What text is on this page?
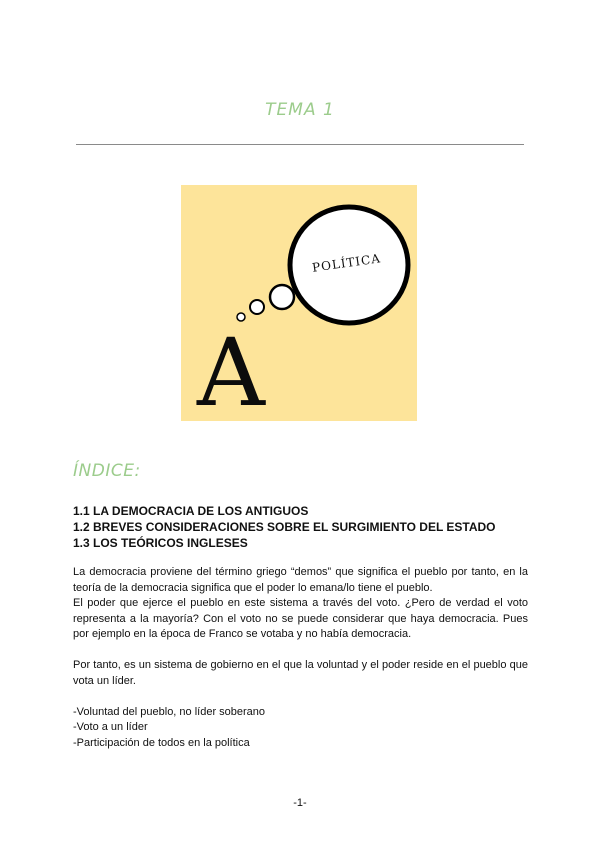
TEMA 1
POLÍTICA
A
ÍNDICE:
1.1 LA DEMOCRACIA DE LOS ANTIGUOS
1.2 BREVES CONSIDERACIONES SOBRE EL SURGIMIENTO DEL ESTADO
1.3 LOS TEÓRICOS INGLESES

La democracia proviene del término griego “demos” que significa el pueblo por tanto, en la teoría de la democracia significa que el poder lo emana/lo tiene el pueblo.

El poder que ejerce el pueblo en este sistema a través del voto. ¿Pero de verdad el voto representa a la mayoría? Con el voto no se puede considerar que haya democracia. Pues por ejemplo en la época de Franco se votaba y no había democracia.

Por tanto, es un sistema de gobierno en el que la voluntad y el poder reside en el pueblo que vota un líder.

-Voluntad del pueblo, no líder soberano

-Voto a un líder

-Participación de todos en la política

-1-
